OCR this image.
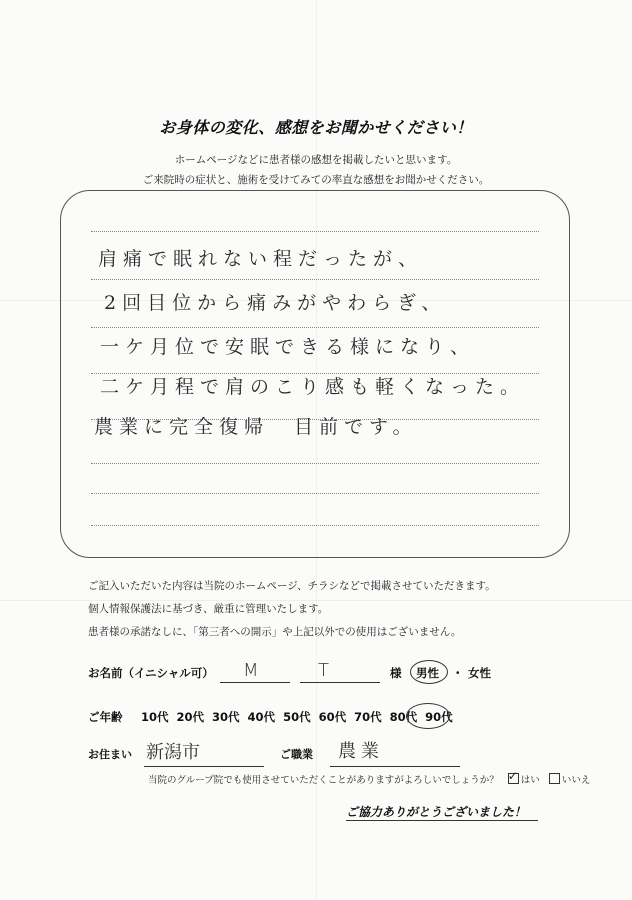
お身体の変化、感想をお聞かせください！
ホームページなどに患者様の感想を掲載したいと思います。
ご来院時の症状と、施術を受けてみての率直な感想をお聞かせください。
肩痛で眠れない程だったが、
2回目位から痛みがやわらぎ、
一ケ月位で安眠できる様になり、
二ケ月程で肩のこり感も軽くなった。
農業に完全復帰　目前です。
ご記入いただいた内容は当院のホームページ、チラシなどで掲載させていただきます。
個人情報保護法に基づき、厳重に管理いたします。
患者様の承諾なしに、「第三者への開示」や上記以外での使用はございません。
お名前（イニシャル可） M	T	様 男性 ・ 女性
ご年齢 10代 20代 30代 40代 50代 60代 70代 80代 90代
お住まい 新潟市	ご職業 農業
当院のグループ院でも使用させていただくことがありますがよろしいでしょうか？ ✓ はい いいえ
ご協力ありがとうございました！
